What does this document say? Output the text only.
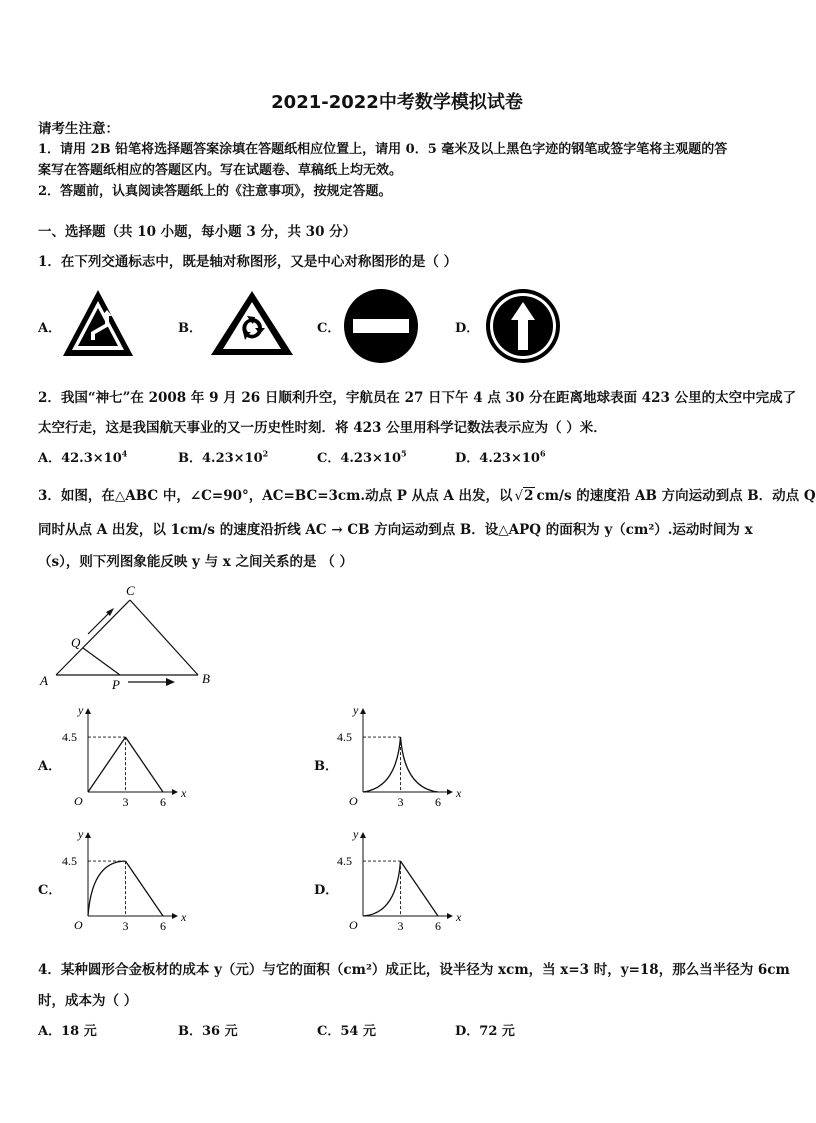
2021-2022中考数学模拟试卷
请考生注意：
1．请用 2B 铅笔将选择题答案涂填在答题纸相应位置上，请用 0．5 毫米及以上黑色字迹的钢笔或签字笔将主观题的答
案写在答题纸相应的答题区内。写在试题卷、草稿纸上均无效。
2．答题前，认真阅读答题纸上的《注意事项》，按规定答题。
一、选择题（共 10 小题，每小题 3 分，共 30 分）
1．在下列交通标志中，既是轴对称图形，又是中心对称图形的是（ ）
A．	B．	C．	D．
2．我国“神七”在 2008 年 9 月 26 日顺利升空，宇航员在 27 日下午 4 点 30 分在距离地球表面 423 公里的太空中完成了
太空行走，这是我国航天事业的又一历史性时刻．将 423 公里用科学记数法表示应为（ ）米．
A．$42.3\times 10^4$	B．$4.23\times 10^2$	C．$4.23\times 10^5$	D．$4.23\times 10^6$
3．如图，在△ABC 中，∠C=90°，AC=BC=3cm.动点 P 从点 A 出发，以 √2 cm/s 的速度沿 AB 方向运动到点 B．动点 Q
同时从点 A 出发，以 1cm/s 的速度沿折线 AC → CB 方向运动到点 B．设△APQ 的面积为 y（cm²）.运动时间为 x
（s），则下列图象能反映 y 与 x 之间关系的是 （ ）
A	B
C
P
Q
A．	B．
C．	D．
4.5
3	6
O
x
y
4.5
3	6
O
x
y
4.5
3	6
O
x
y
4.5
3	6
O
x
y
4．某种圆形合金板材的成本 y（元）与它的面积（cm²）成正比，设半径为 xcm，当 x=3 时，y=18，那么当半径为 6cm
时，成本为（ ）
A．18 元	B．36 元	C．54 元	D．72 元
